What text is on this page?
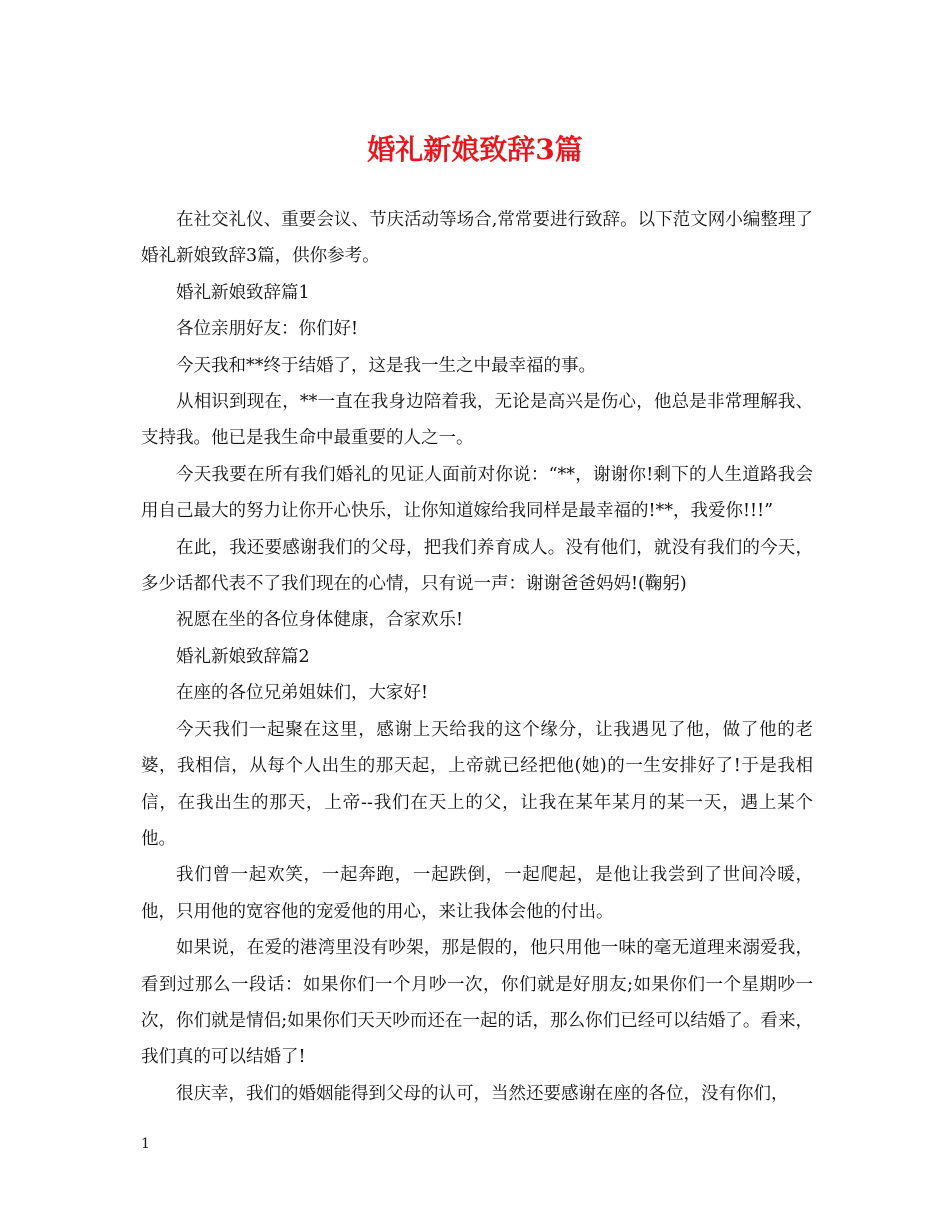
婚礼新娘致辞3篇

在社交礼仪、重要会议、节庆活动等场合,常常要进行致辞。以下范文网小编整理了婚礼新娘致辞3篇，供你参考。

婚礼新娘致辞篇1

各位亲朋好友：你们好!

今天我和**终于结婚了，这是我一生之中最幸福的事。

从相识到现在，**一直在我身边陪着我，无论是高兴是伤心，他总是非常理解我、支持我。他已是我生命中最重要的人之一。

今天我要在所有我们婚礼的见证人面前对你说：“**，谢谢你!剩下的人生道路我会用自己最大的努力让你开心快乐，让你知道嫁给我同样是最幸福的!**，我爱你!!!”

在此，我还要感谢我们的父母，把我们养育成人。没有他们，就没有我们的今天，多少话都代表不了我们现在的心情，只有说一声：谢谢爸爸妈妈!(鞠躬)

祝愿在坐的各位身体健康，合家欢乐!

婚礼新娘致辞篇2

在座的各位兄弟姐妹们，大家好!

今天我们一起聚在这里，感谢上天给我的这个缘分，让我遇见了他，做了他的老婆，我相信，从每个人出生的那天起，上帝就已经把他(她)的一生安排好了!于是我相信，在我出生的那天，上帝--我们在天上的父，让我在某年某月的某一天，遇上某个他。

我们曾一起欢笑，一起奔跑，一起跌倒，一起爬起，是他让我尝到了世间冷暖，他，只用他的宽容他的宠爱他的用心，来让我体会他的付出。

如果说，在爱的港湾里没有吵架，那是假的，他只用他一味的毫无道理来溺爱我，看到过那么一段话：如果你们一个月吵一次，你们就是好朋友;如果你们一个星期吵一次，你们就是情侣;如果你们天天吵而还在一起的话，那么你们已经可以结婚了。看来，我们真的可以结婚了!

很庆幸，我们的婚姻能得到父母的认可，当然还要感谢在座的各位，没有你们，

1
